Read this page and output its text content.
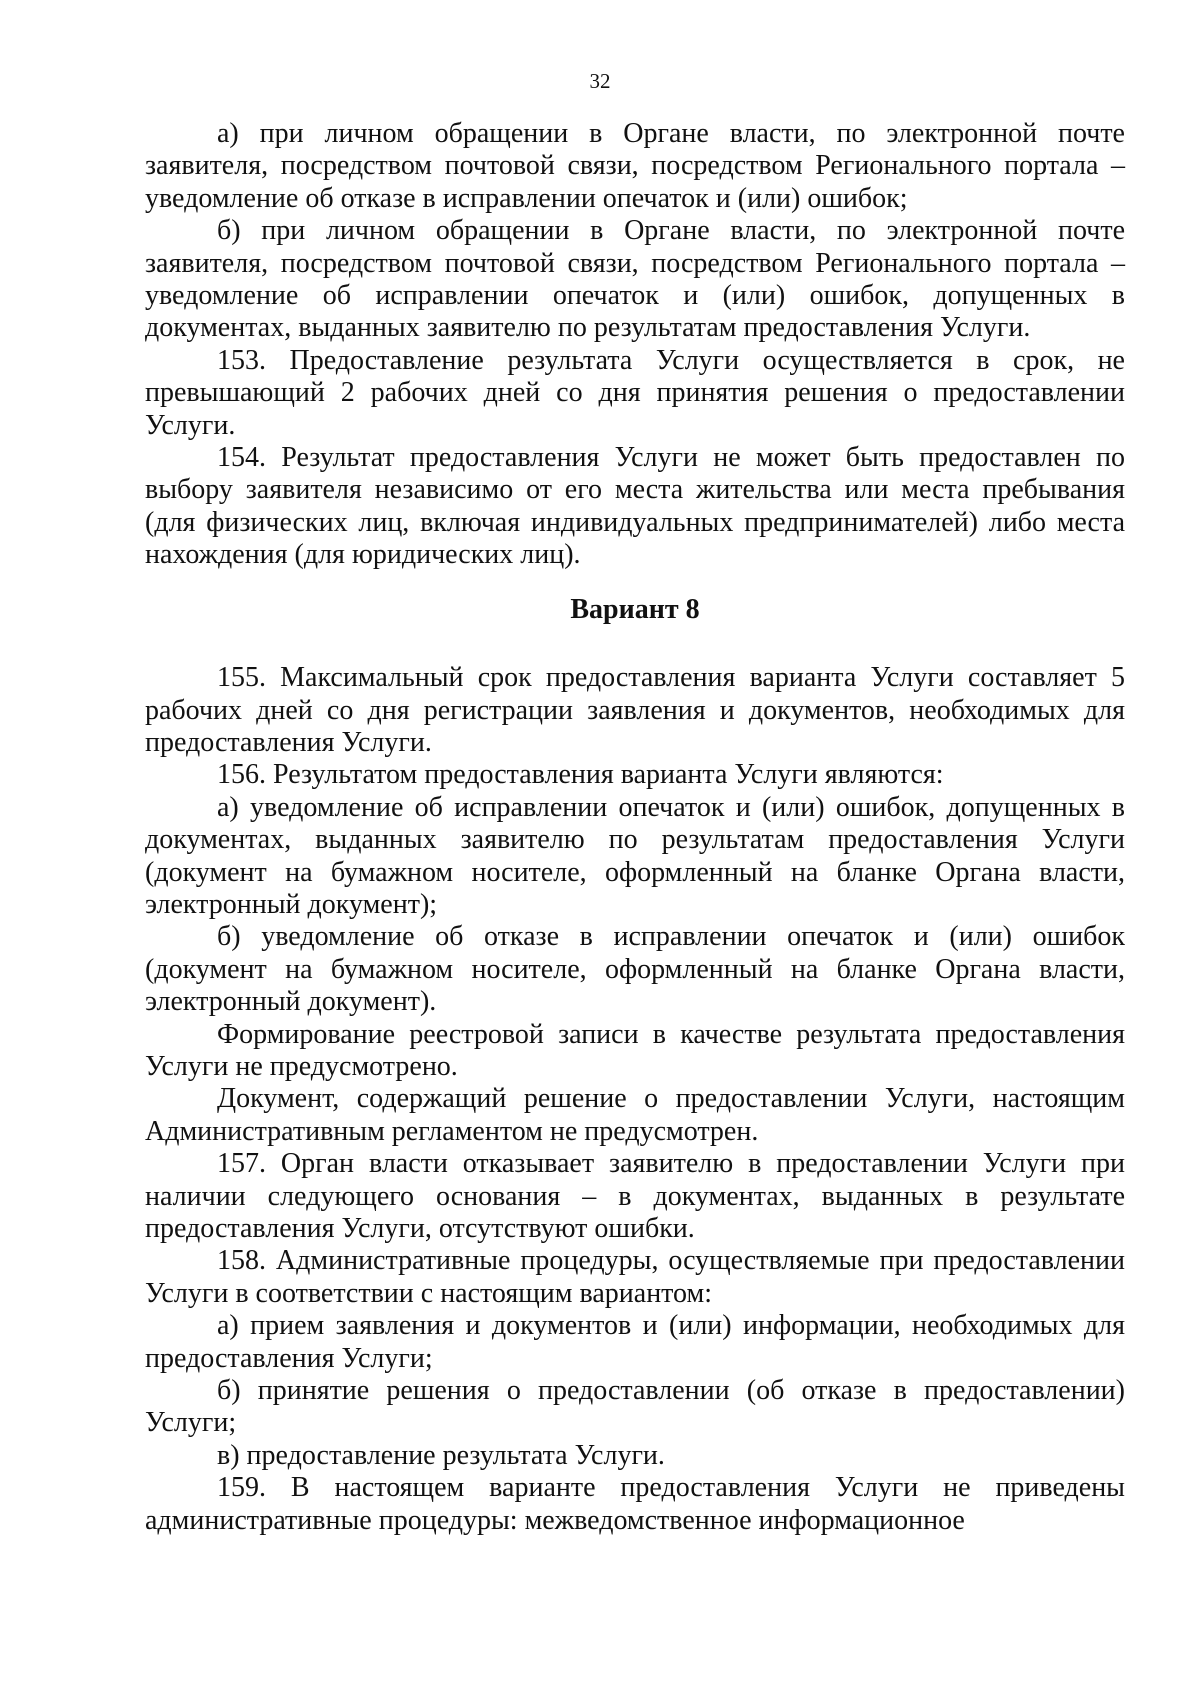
32

а) при личном обращении в Органе власти, по электронной почте заявителя, посредством почтовой связи, посредством Регионального портала – уведомление об отказе в исправлении опечаток и (или) ошибок;

б) при личном обращении в Органе власти, по электронной почте заявителя, посредством почтовой связи, посредством Регионального портала – уведомление об исправлении опечаток и (или) ошибок, допущенных в документах, выданных заявителю по результатам предоставления Услуги.

153. Предоставление результата Услуги осуществляется в срок, не превышающий 2 рабочих дней со дня принятия решения о предоставлении Услуги.

154. Результат предоставления Услуги не может быть предоставлен по выбору заявителя независимо от его места жительства или места пребывания (для физических лиц, включая индивидуальных предпринимателей) либо места нахождения (для юридических лиц).

Вариант 8

155. Максимальный срок предоставления варианта Услуги составляет 5 рабочих дней со дня регистрации заявления и документов, необходимых для предоставления Услуги.

156. Результатом предоставления варианта Услуги являются:

а) уведомление об исправлении опечаток и (или) ошибок, допущенных в документах, выданных заявителю по результатам предоставления Услуги (документ на бумажном носителе, оформленный на бланке Органа власти, электронный документ);

б) уведомление об отказе в исправлении опечаток и (или) ошибок (документ на бумажном носителе, оформленный на бланке Органа власти, электронный документ).

Формирование реестровой записи в качестве результата предоставления Услуги не предусмотрено.

Документ, содержащий решение о предоставлении Услуги, настоящим Административным регламентом не предусмотрен.

157. Орган власти отказывает заявителю в предоставлении Услуги при наличии следующего основания – в документах, выданных в результате предоставления Услуги, отсутствуют ошибки.

158. Административные процедуры, осуществляемые при предоставлении Услуги в соответствии с настоящим вариантом:

а) прием заявления и документов и (или) информации, необходимых для предоставления Услуги;

б) принятие решения о предоставлении (об отказе в предоставлении) Услуги;

в) предоставление результата Услуги.

159. В настоящем варианте предоставления Услуги не приведены административные процедуры: межведомственное информационное
